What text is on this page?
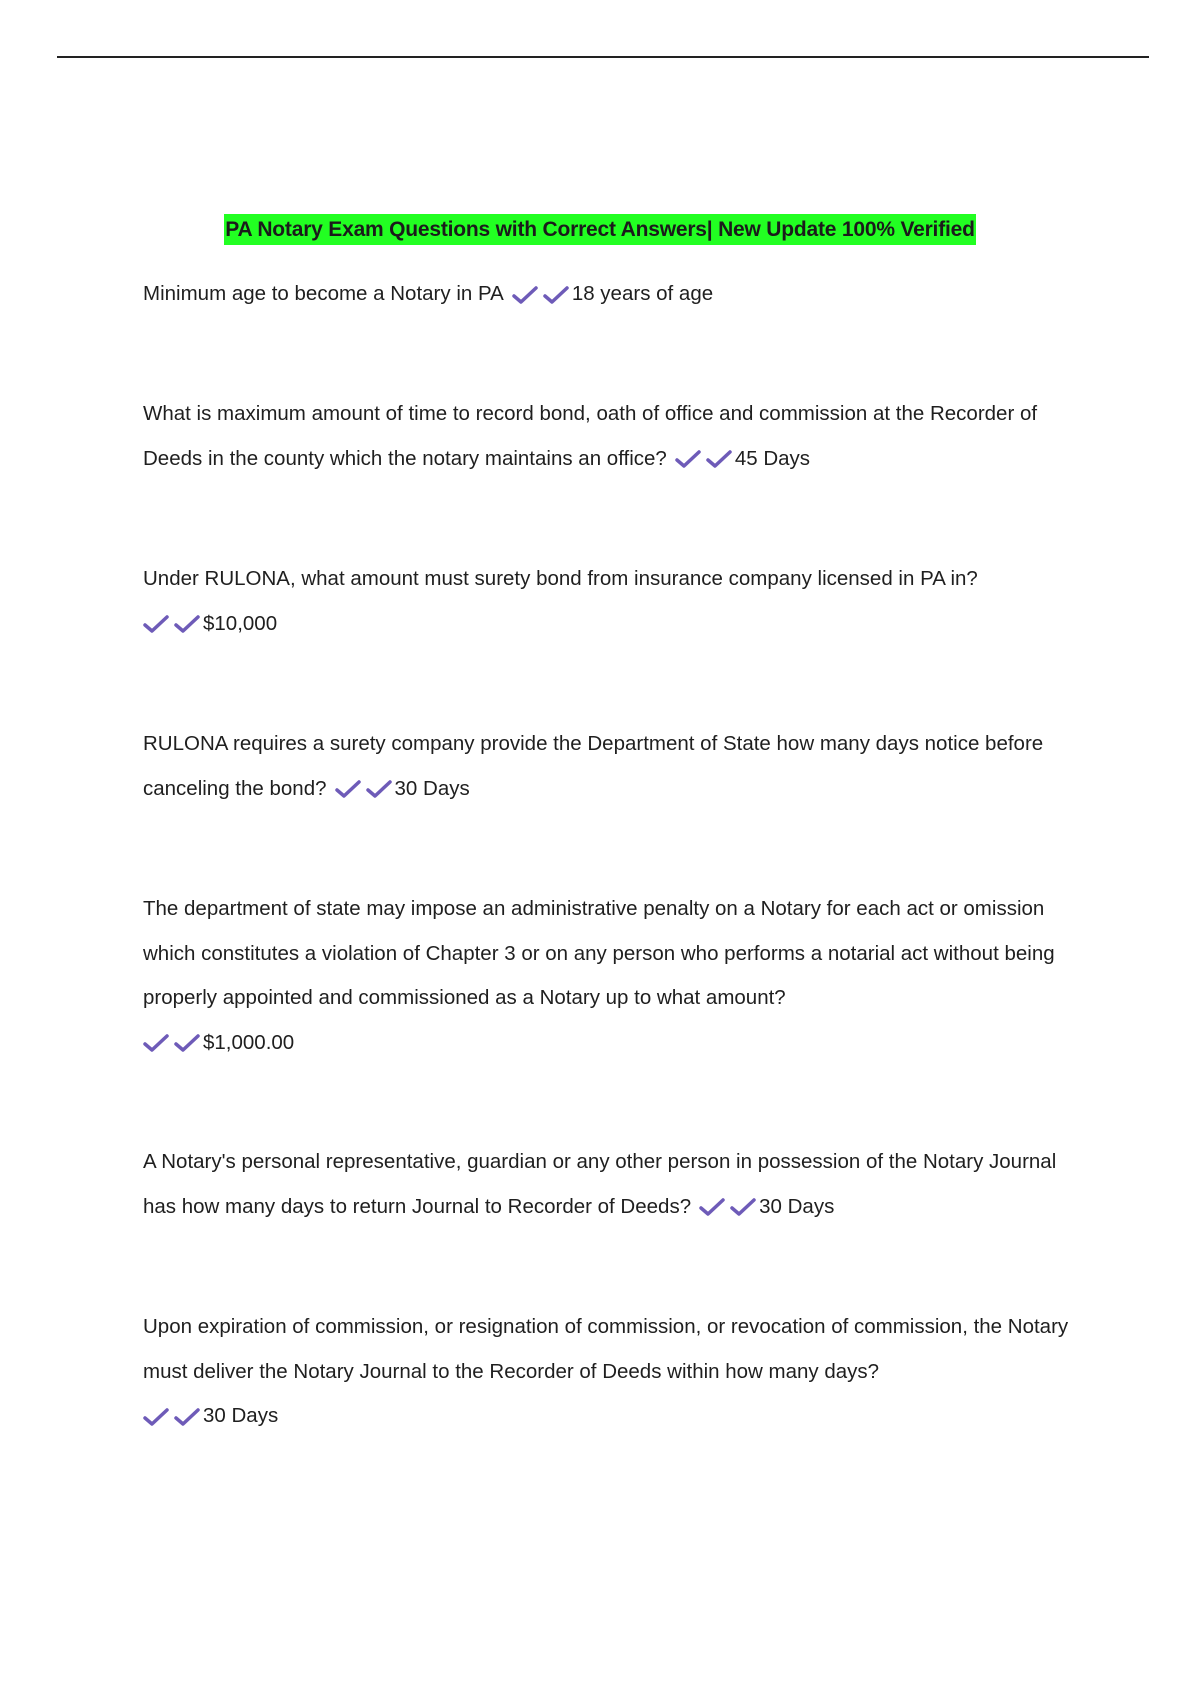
PA Notary Exam Questions with Correct Answers| New Update 100% Verified
Minimum age to become a Notary in PA	18 years of age
What is maximum amount of time to record bond, oath of office and commission at the Recorder of Deeds in the county which the notary maintains an office?	45 Days
Under RULONA, what amount must surety bond from insurance company licensed in PA in?

$10,000
RULONA requires a surety company provide the Department of State how many days notice before canceling the bond?	30 Days
The department of state may impose an administrative penalty on a Notary for each act or omission which constitutes a violation of Chapter 3 or on any person who performs a notarial act without being properly appointed and commissioned as a Notary up to what amount?

$1,000.00
A Notary's personal representative, guardian or any other person in possession of the Notary Journal has how many days to return Journal to Recorder of Deeds?	30 Days
Upon expiration of commission, or resignation of commission, or revocation of commission, the Notary must deliver the Notary Journal to the Recorder of Deeds within how many days?

30 Days
